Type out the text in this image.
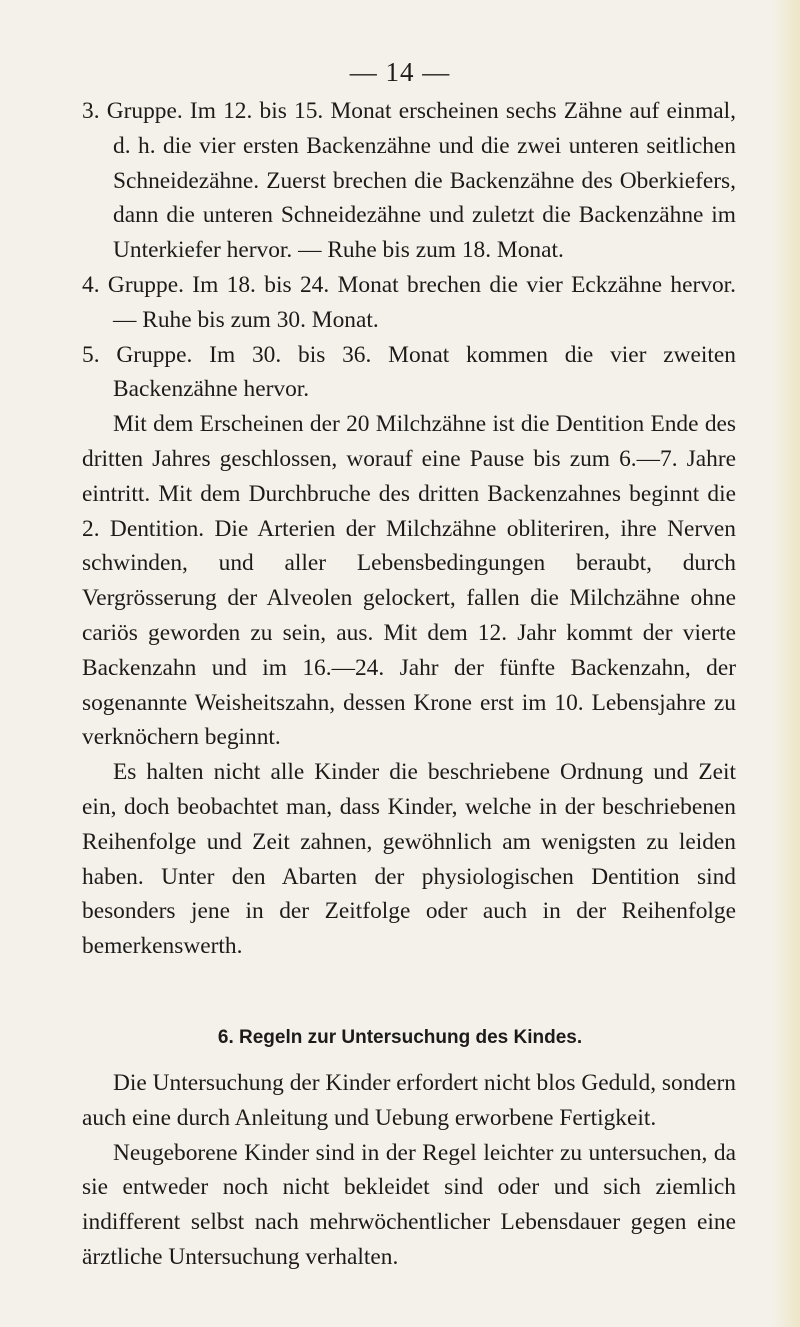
— 14 —

3. Gruppe. Im 12. bis 15. Monat erscheinen sechs Zähne auf einmal, d. h. die vier ersten Backenzähne und die zwei unteren seitlichen Schneidezähne. Zuerst brechen die Backenzähne des Oberkiefers, dann die unteren Schneidezähne und zuletzt die Backenzähne im Unterkiefer hervor. — Ruhe bis zum 18. Monat.

4. Gruppe. Im 18. bis 24. Monat brechen die vier Eckzähne hervor. — Ruhe bis zum 30. Monat.

5. Gruppe. Im 30. bis 36. Monat kommen die vier zweiten Backenzähne hervor.

Mit dem Erscheinen der 20 Milchzähne ist die Dentition Ende des dritten Jahres geschlossen, worauf eine Pause bis zum 6.—7. Jahre eintritt. Mit dem Durchbruche des dritten Backenzahnes beginnt die 2. Dentition. Die Arterien der Milchzähne obliteriren, ihre Nerven schwinden, und aller Lebensbedingungen beraubt, durch Vergrösserung der Alveolen gelockert, fallen die Milchzähne ohne cariös geworden zu sein, aus. Mit dem 12. Jahr kommt der vierte Backenzahn und im 16.—24. Jahr der fünfte Backenzahn, der sogenannte Weisheitszahn, dessen Krone erst im 10. Lebensjahre zu verknöchern beginnt.

Es halten nicht alle Kinder die beschriebene Ordnung und Zeit ein, doch beobachtet man, dass Kinder, welche in der beschriebenen Reihenfolge und Zeit zahnen, gewöhnlich am wenigsten zu leiden haben. Unter den Abarten der physiologischen Dentition sind besonders jene in der Zeitfolge oder auch in der Reihenfolge bemerkenswerth.

6. Regeln zur Untersuchung des Kindes.

Die Untersuchung der Kinder erfordert nicht blos Geduld, sondern auch eine durch Anleitung und Uebung erworbene Fertigkeit.

Neugeborene Kinder sind in der Regel leichter zu untersuchen, da sie entweder noch nicht bekleidet sind oder und sich ziemlich indifferent selbst nach mehrwöchentlicher Lebensdauer gegen eine ärztliche Untersuchung verhalten.
